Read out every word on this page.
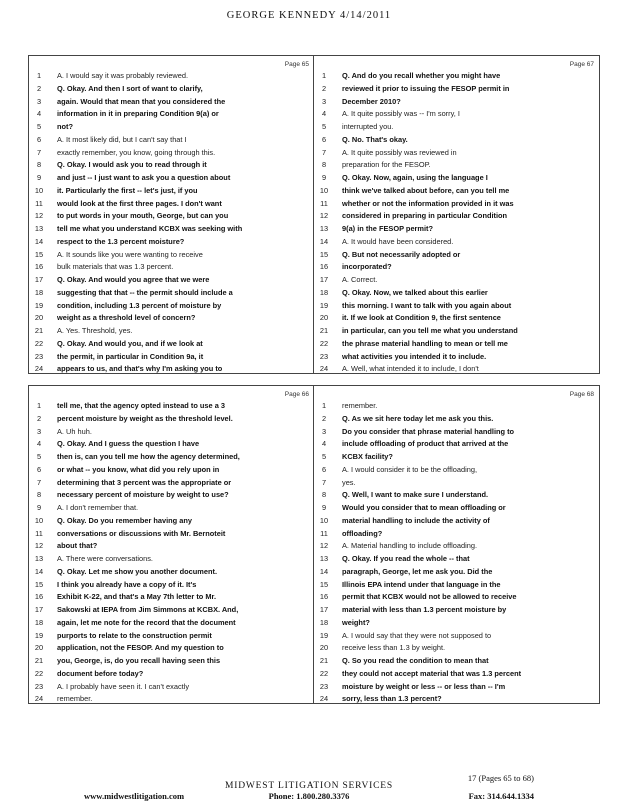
GEORGE KENNEDY 4/14/2011
Page 65
1	A. I would say it was probably reviewed.
2	Q. Okay. And then I sort of want to clarify,
3	again. Would that mean that you considered the
4	information in it in preparing Condition 9(a) or
5	not?
6	A. It most likely did, but I can't say that I
7	exactly remember, you know, going through this.
8	Q. Okay. I would ask you to read through it
9	and just -- I just want to ask you a question about
10	it. Particularly the first -- let's just, if you
11	would look at the first three pages. I don't want
12	to put words in your mouth, George, but can you
13	tell me what you understand KCBX was seeking with
14	respect to the 1.3 percent moisture?
15	A. It sounds like you were wanting to receive
16	bulk materials that was 1.3 percent.
17	Q. Okay. And would you agree that we were
18	suggesting that that -- the permit should include a
19	condition, including 1.3 percent of moisture by
20	weight as a threshold level of concern?
21	A. Yes. Threshold, yes.
22	Q. Okay. And would you, and if we look at
23	the permit, in particular in Condition 9a, it
24	appears to us, and that's why I'm asking you to
Page 67
1	Q. And do you recall whether you might have
2	reviewed it prior to issuing the FESOP permit in
3	December 2010?
4	A. It quite possibly was -- I'm sorry, I
5	interrupted you.
6	Q. No. That's okay.
7	A. It quite possibly was reviewed in
8	preparation for the FESOP.
9	Q. Okay. Now, again, using the language I
10	think we've talked about before, can you tell me
11	whether or not the information provided in it was
12	considered in preparing in particular Condition
13	9(a) in the FESOP permit?
14	A. It would have been considered.
15	Q. But not necessarily adopted or
16	incorporated?
17	A. Correct.
18	Q. Okay. Now, we talked about this earlier
19	this morning. I want to talk with you again about
20	it. If we look at Condition 9, the first sentence
21	in particular, can you tell me what you understand
22	the phrase material handling to mean or tell me
23	what activities you intended it to include.
24	A. Well, what intended it to include, I don't
Page 66
1	tell me, that the agency opted instead to use a 3
2	percent moisture by weight as the threshold level.
3	A. Uh huh.
4	Q. Okay. And I guess the question I have
5	then is, can you tell me how the agency determined,
6	or what -- you know, what did you rely upon in
7	determining that 3 percent was the appropriate or
8	necessary percent of moisture by weight to use?
9	A. I don't remember that.
10	Q. Okay. Do you remember having any
11	conversations or discussions with Mr. Bernoteit
12	about that?
13	A. There were conversations.
14	Q. Okay. Let me show you another document.
15	I think you already have a copy of it. It's
16	Exhibit K-22, and that's a May 7th letter to Mr.
17	Sakowski at IEPA from Jim Simmons at KCBX. And,
18	again, let me note for the record that the document
19	purports to relate to the construction permit
20	application, not the FESOP. And my question to
21	you, George, is, do you recall having seen this
22	document before today?
23	A. I probably have seen it. I can't exactly
24	remember.
Page 68
1	remember.
2	Q. As we sit here today let me ask you this.
3	Do you consider that phrase material handling to
4	include offloading of product that arrived at the
5	KCBX facility?
6	A. I would consider it to be the offloading,
7	yes.
8	Q. Well, I want to make sure I understand.
9	Would you consider that to mean offloading or
10	material handling to include the activity of
11	offloading?
12	A. Material handling to include offloading.
13	Q. Okay. If you read the whole -- that
14	paragraph, George, let me ask you. Did the
15	Illinois EPA intend under that language in the
16	permit that KCBX would not be allowed to receive
17	material with less than 1.3 percent moisture by
18	weight?
19	A. I would say that they were not supposed to
20	receive less than 1.3 by weight.
21	Q. So you read the condition to mean that
22	they could not accept material that was 1.3 percent
23	moisture by weight or less -- or less than -- I'm
24	sorry, less than 1.3 percent?
17 (Pages 65 to 68)
MIDWEST LITIGATION SERVICES
www.midwestlitigation.com	Phone: 1.800.280.3376	Fax: 314.644.1334
